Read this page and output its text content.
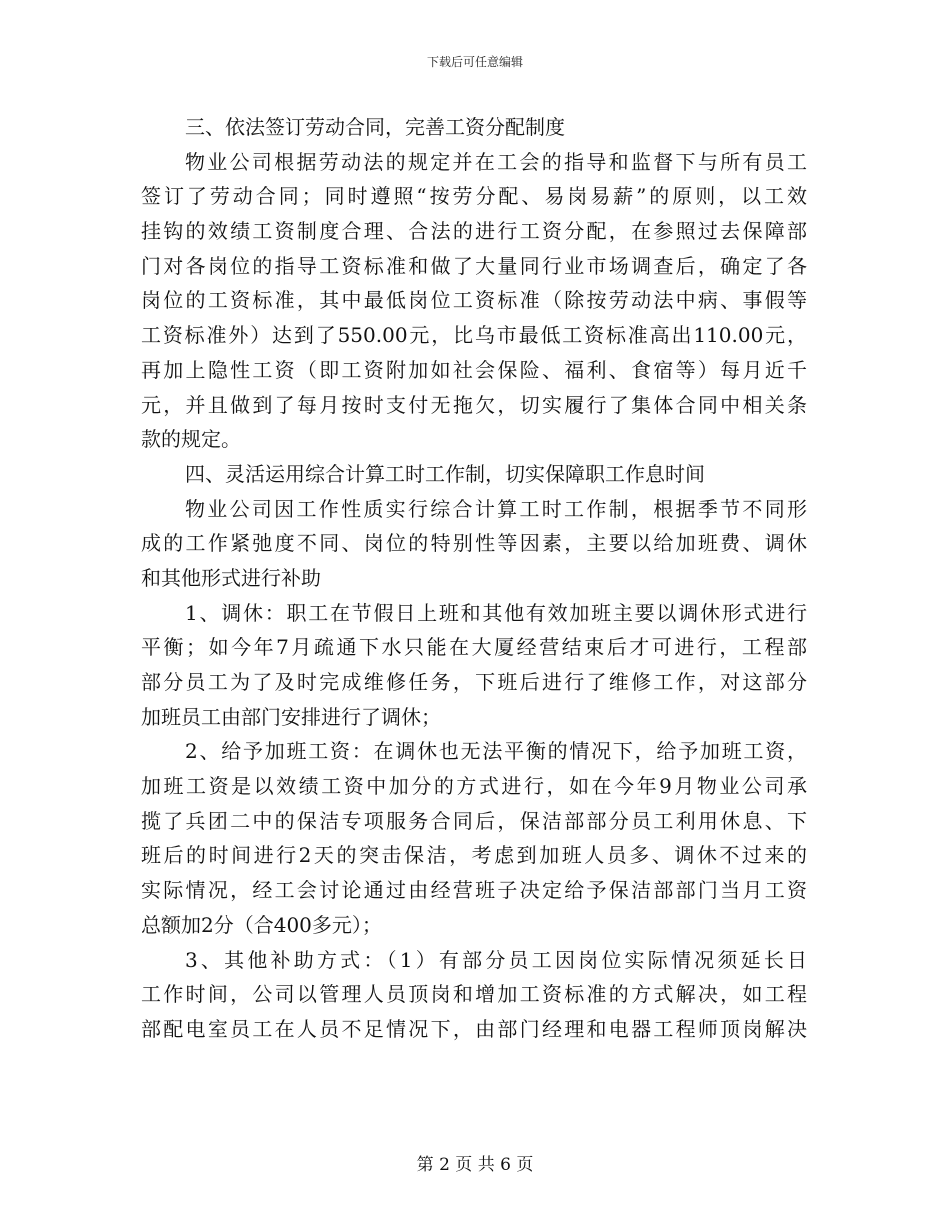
下载后可任意编辑
三、依法签订劳动合同，完善工资分配制度
物业公司根据劳动法的规定并在工会的指导和监督下与所有员工
签订了劳动合同；同时遵照“按劳分配、易岗易薪”的原则，以工效
挂钩的效绩工资制度合理、合法的进行工资分配，在参照过去保障部
门对各岗位的指导工资标准和做了大量同行业市场调查后，确定了各
岗位的工资标准，其中最低岗位工资标准（除按劳动法中病、事假等
工资标准外）达到了550.00元，比乌市最低工资标准高出110.00元，
再加上隐性工资（即工资附加如社会保险、福利、食宿等）每月近千
元，并且做到了每月按时支付无拖欠，切实履行了集体合同中相关条
款的规定。
四、灵活运用综合计算工时工作制，切实保障职工作息时间
物业公司因工作性质实行综合计算工时工作制，根据季节不同形
成的工作紧弛度不同、岗位的特别性等因素，主要以给加班费、调休
和其他形式进行补助
1、调休：职工在节假日上班和其他有效加班主要以调休形式进行
平衡；如今年7月疏通下水只能在大厦经营结束后才可进行，工程部
部分员工为了及时完成维修任务，下班后进行了维修工作，对这部分
加班员工由部门安排进行了调休；
2、给予加班工资：在调休也无法平衡的情况下，给予加班工资，
加班工资是以效绩工资中加分的方式进行，如在今年9月物业公司承
揽了兵团二中的保洁专项服务合同后，保洁部部分员工利用休息、下
班后的时间进行2天的突击保洁，考虑到加班人员多、调休不过来的
实际情况，经工会讨论通过由经营班子决定给予保洁部部门当月工资
总额加2分（合400多元）；
3、其他补助方式：（1）有部分员工因岗位实际情况须延长日
工作时间，公司以管理人员顶岗和增加工资标准的方式解决，如工程
部配电室员工在人员不足情况下，由部门经理和电器工程师顶岗解决
第 2 页 共 6 页
